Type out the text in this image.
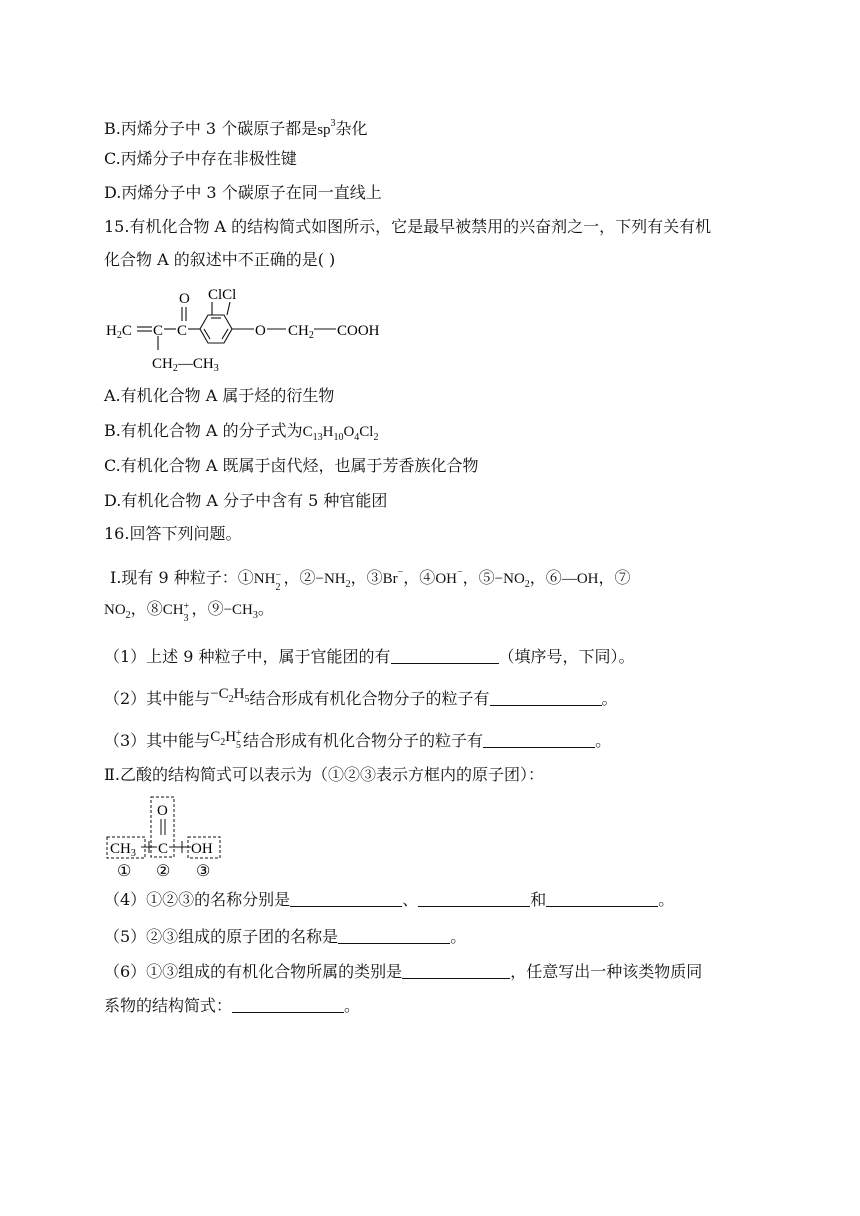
B.丙烯分子中 3 个碳原子都是$sp^3$杂化
C.丙烯分子中存在非极性键
D.丙烯分子中 3 个碳原子在同一直线上
15.有机化合物 A 的结构简式如图所示，它是最早被禁用的兴奋剂之一，下列有关有机
化合物 A 的叙述中不正确的是( )
$H_2C$ C C
O
$CH_2—CH_3$
ClCl
O $CH_2$ COOH
A.有机化合物 A 属于烃的衍生物
B.有机化合物 A 的分子式为$C_{13}H_{10}O_4Cl_2$
C.有机化合物 A 既属于卤代烃，也属于芳香族化合物
D.有机化合物 A 分子中含有 5 种官能团
16.回答下列问题。
Ⅰ.现有 9 种粒子：①NH −
2
，$②-NH_2$，③Br−，④OH−，$⑤-NO_2$，⑥—OH，⑦
$NO_2$，⑧CH +
3
，$⑨-CH_3$。
（1）上述 9 种粒子中，属于官能团的有	（填序号，下同）。
（2）其中能与$-C_2H_5$结合形成有机化合物分子的粒子有	。
（3）其中能与$C_2H$ +
5 结合形成有机化合物分子的粒子有	。
Ⅱ.乙酸的结构简式可以表示为（①②③表示方框内的原子团）：
O
$CH_3$ C OH
① ② ③
（4）①②③的名称分别是	、	和	。
（5）②③组成的原子团的名称是	。
（6）①③组成的有机化合物所属的类别是	，任意写出一种该类物质同
系物的结构简式：	。
